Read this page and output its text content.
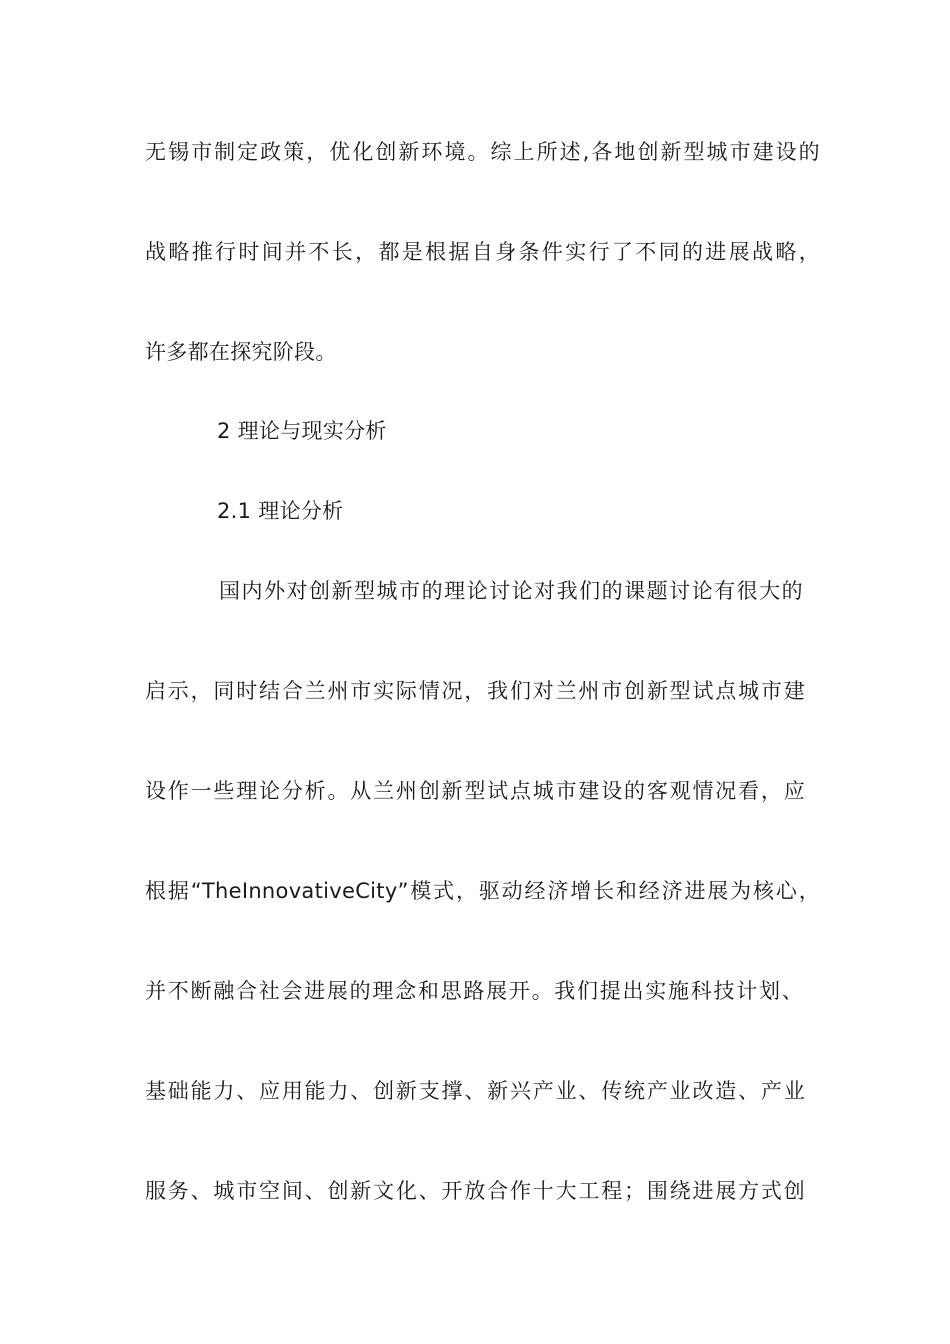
无锡市制定政策，优化创新环境。综上所述,各地创新型城市建设的
战略推行时间并不长，都是根据自身条件实行了不同的进展战略，
许多都在探究阶段。
2 理论与现实分析
2.1 理论分析
国内外对创新型城市的理论讨论对我们的课题讨论有很大的
启示，同时结合兰州市实际情况，我们对兰州市创新型试点城市建
设作一些理论分析。从兰州创新型试点城市建设的客观情况看，应
根据“TheInnovativeCity”模式，驱动经济增长和经济进展为核心，
并不断融合社会进展的理念和思路展开。我们提出实施科技计划、
基础能力、应用能力、创新支撑、新兴产业、传统产业改造、产业
服务、城市空间、创新文化、开放合作十大工程；围绕进展方式创
